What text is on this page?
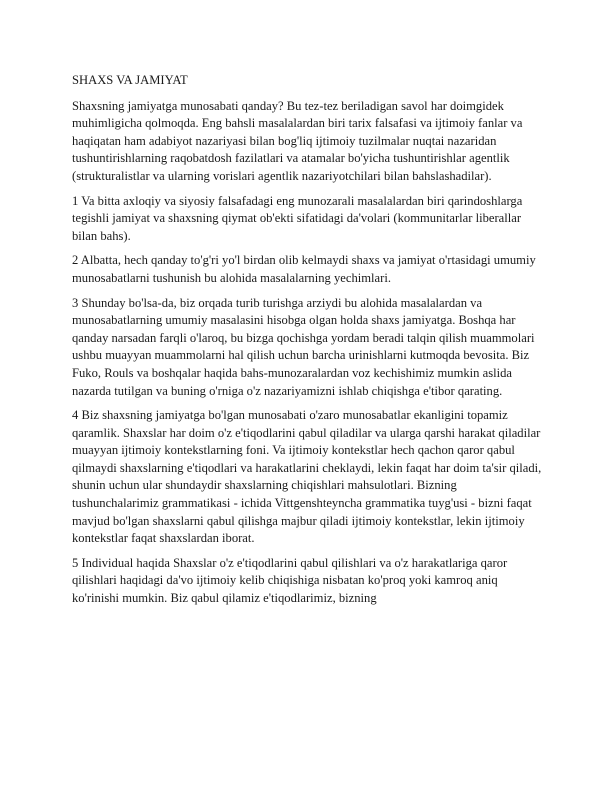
SHAXS VA JAMIYAT

Shaxsning jamiyatga munosabati qanday? Bu tez-tez beriladigan savol har doimgidek muhimligicha qolmoqda. Eng bahsli masalalardan biri tarix falsafasi va ijtimoiy fanlar va haqiqatan ham adabiyot nazariyasi bilan bog'liq ijtimoiy tuzilmalar nuqtai nazaridan tushuntirishlarning raqobatdosh fazilatlari va atamalar bo'yicha tushuntirishlar agentlik (strukturalistlar va ularning vorislari agentlik nazariyotchilari bilan bahslashadilar).

1 Va bitta axloqiy va siyosiy falsafadagi eng munozarali masalalardan biri qarindoshlarga tegishli jamiyat va shaxsning qiymat ob'ekti sifatidagi da'volari (kommunitarlar liberallar bilan bahs).

2 Albatta, hech qanday to'g'ri yo'l birdan olib kelmaydi shaxs va jamiyat o'rtasidagi umumiy munosabatlarni tushunish bu alohida masalalarning yechimlari.

3 Shunday bo'lsa-da, biz orqada turib turishga arziydi bu alohida masalalardan va munosabatlarning umumiy masalasini hisobga olgan holda shaxs jamiyatga. Boshqa har qanday narsadan farqli o'laroq, bu bizga qochishga yordam beradi talqin qilish muammolari ushbu muayyan muammolarni hal qilish uchun barcha urinishlarni kutmoqda bevosita. Biz Fuko, Rouls va boshqalar haqida bahs-munozaralardan voz kechishimiz mumkin aslida nazarda tutilgan va buning o'rniga o'z nazariyamizni ishlab chiqishga e'tibor qarating.

4 Biz shaxsning jamiyatga bo'lgan munosabati o'zaro munosabatlar ekanligini topamiz qaramlik. Shaxslar har doim o'z e'tiqodlarini qabul qiladilar va ularga qarshi harakat qiladilar muayyan ijtimoiy kontekstlarning foni. Va ijtimoiy kontekstlar hech qachon qaror qabul qilmaydi shaxslarning e'tiqodlari va harakatlarini cheklaydi, lekin faqat har doim ta'sir qiladi, shunin uchun ular shundaydir shaxslarning chiqishlari mahsulotlari. Bizning tushunchalarimiz grammatikasi - ichida Vittgenshteyncha grammatika tuyg'usi - bizni faqat mavjud bo'lgan shaxslarni qabul qilishga majbur qiladi ijtimoiy kontekstlar, lekin ijtimoiy kontekstlar faqat shaxslardan iborat.

5 Individual haqida Shaxslar o'z e'tiqodlarini qabul qilishlari va o'z harakatlariga qaror qilishlari haqidagi da'vo ijtimoiy kelib chiqishiga nisbatan ko'proq yoki kamroq aniq ko'rinishi mumkin. Biz qabul qilamiz e'tiqodlarimiz, bizning
